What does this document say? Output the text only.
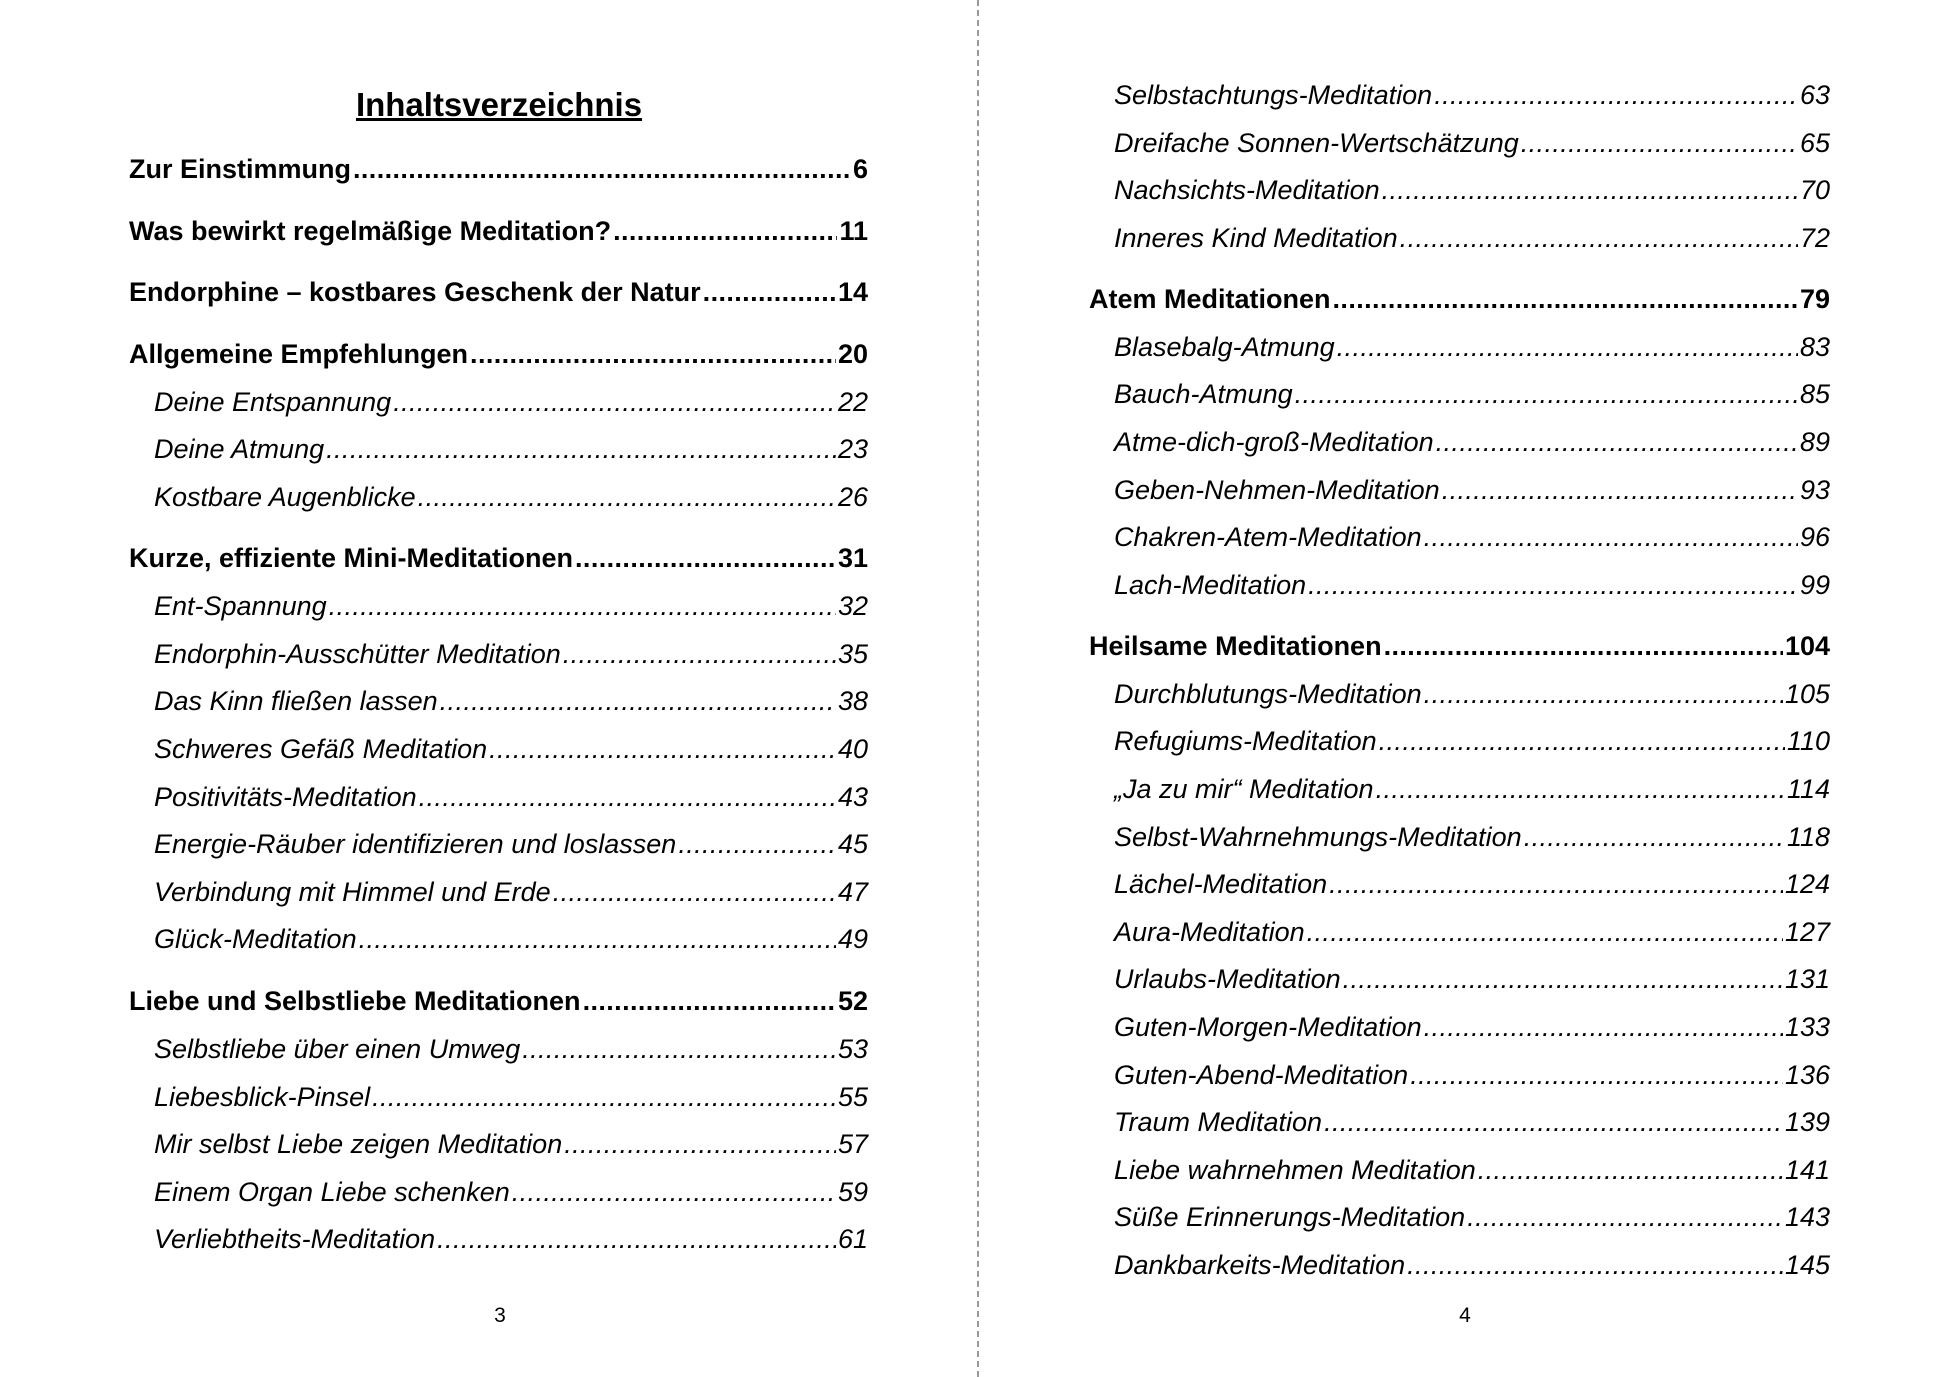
Inhaltsverzeichnis
Zur Einstimmung .....	6
Was bewirkt regelmäßige Meditation? .....	11
Endorphine – kostbares Geschenk der Natur .....	14
Allgemeine Empfehlungen .....	20
Deine Entspannung .....	22
Deine Atmung .....	23
Kostbare Augenblicke .....	26
Kurze, effiziente Mini-Meditationen .....	31
Ent-Spannung .....	32
Endorphin-Ausschütter Meditation .....	35
Das Kinn fließen lassen .....	38
Schweres Gefäß Meditation .....	40
Positivitäts-Meditation .....	43
Energie-Räuber identifizieren und loslassen .....	45
Verbindung mit Himmel und Erde .....	47
Glück-Meditation .....	49
Liebe und Selbstliebe Meditationen .....	52
Selbstliebe über einen Umweg .....	53
Liebesblick-Pinsel .....	55
Mir selbst Liebe zeigen Meditation .....	57
Einem Organ Liebe schenken .....	59
Verliebtheits-Meditation .....	61
3
Selbstachtungs-Meditation .....	63
Dreifache Sonnen-Wertschätzung .....	65
Nachsichts-Meditation .....	70
Inneres Kind Meditation .....	72
Atem Meditationen .....	79
Blasebalg-Atmung .....	83
Bauch-Atmung .....	85
Atme-dich-groß-Meditation .....	89
Geben-Nehmen-Meditation .....	93
Chakren-Atem-Meditation .....	96
Lach-Meditation .....	99
Heilsame Meditationen .....	104
Durchblutungs-Meditation .....	105
Refugiums-Meditation .....	110
„Ja zu mir“ Meditation .....	114
Selbst-Wahrnehmungs-Meditation .....	118
Lächel-Meditation .....	124
Aura-Meditation .....	127
Urlaubs-Meditation .....	131
Guten-Morgen-Meditation .....	133
Guten-Abend-Meditation .....	136
Traum Meditation .....	139
Liebe wahrnehmen Meditation .....	141
Süße Erinnerungs-Meditation .....	143
Dankbarkeits-Meditation .....	145
4
